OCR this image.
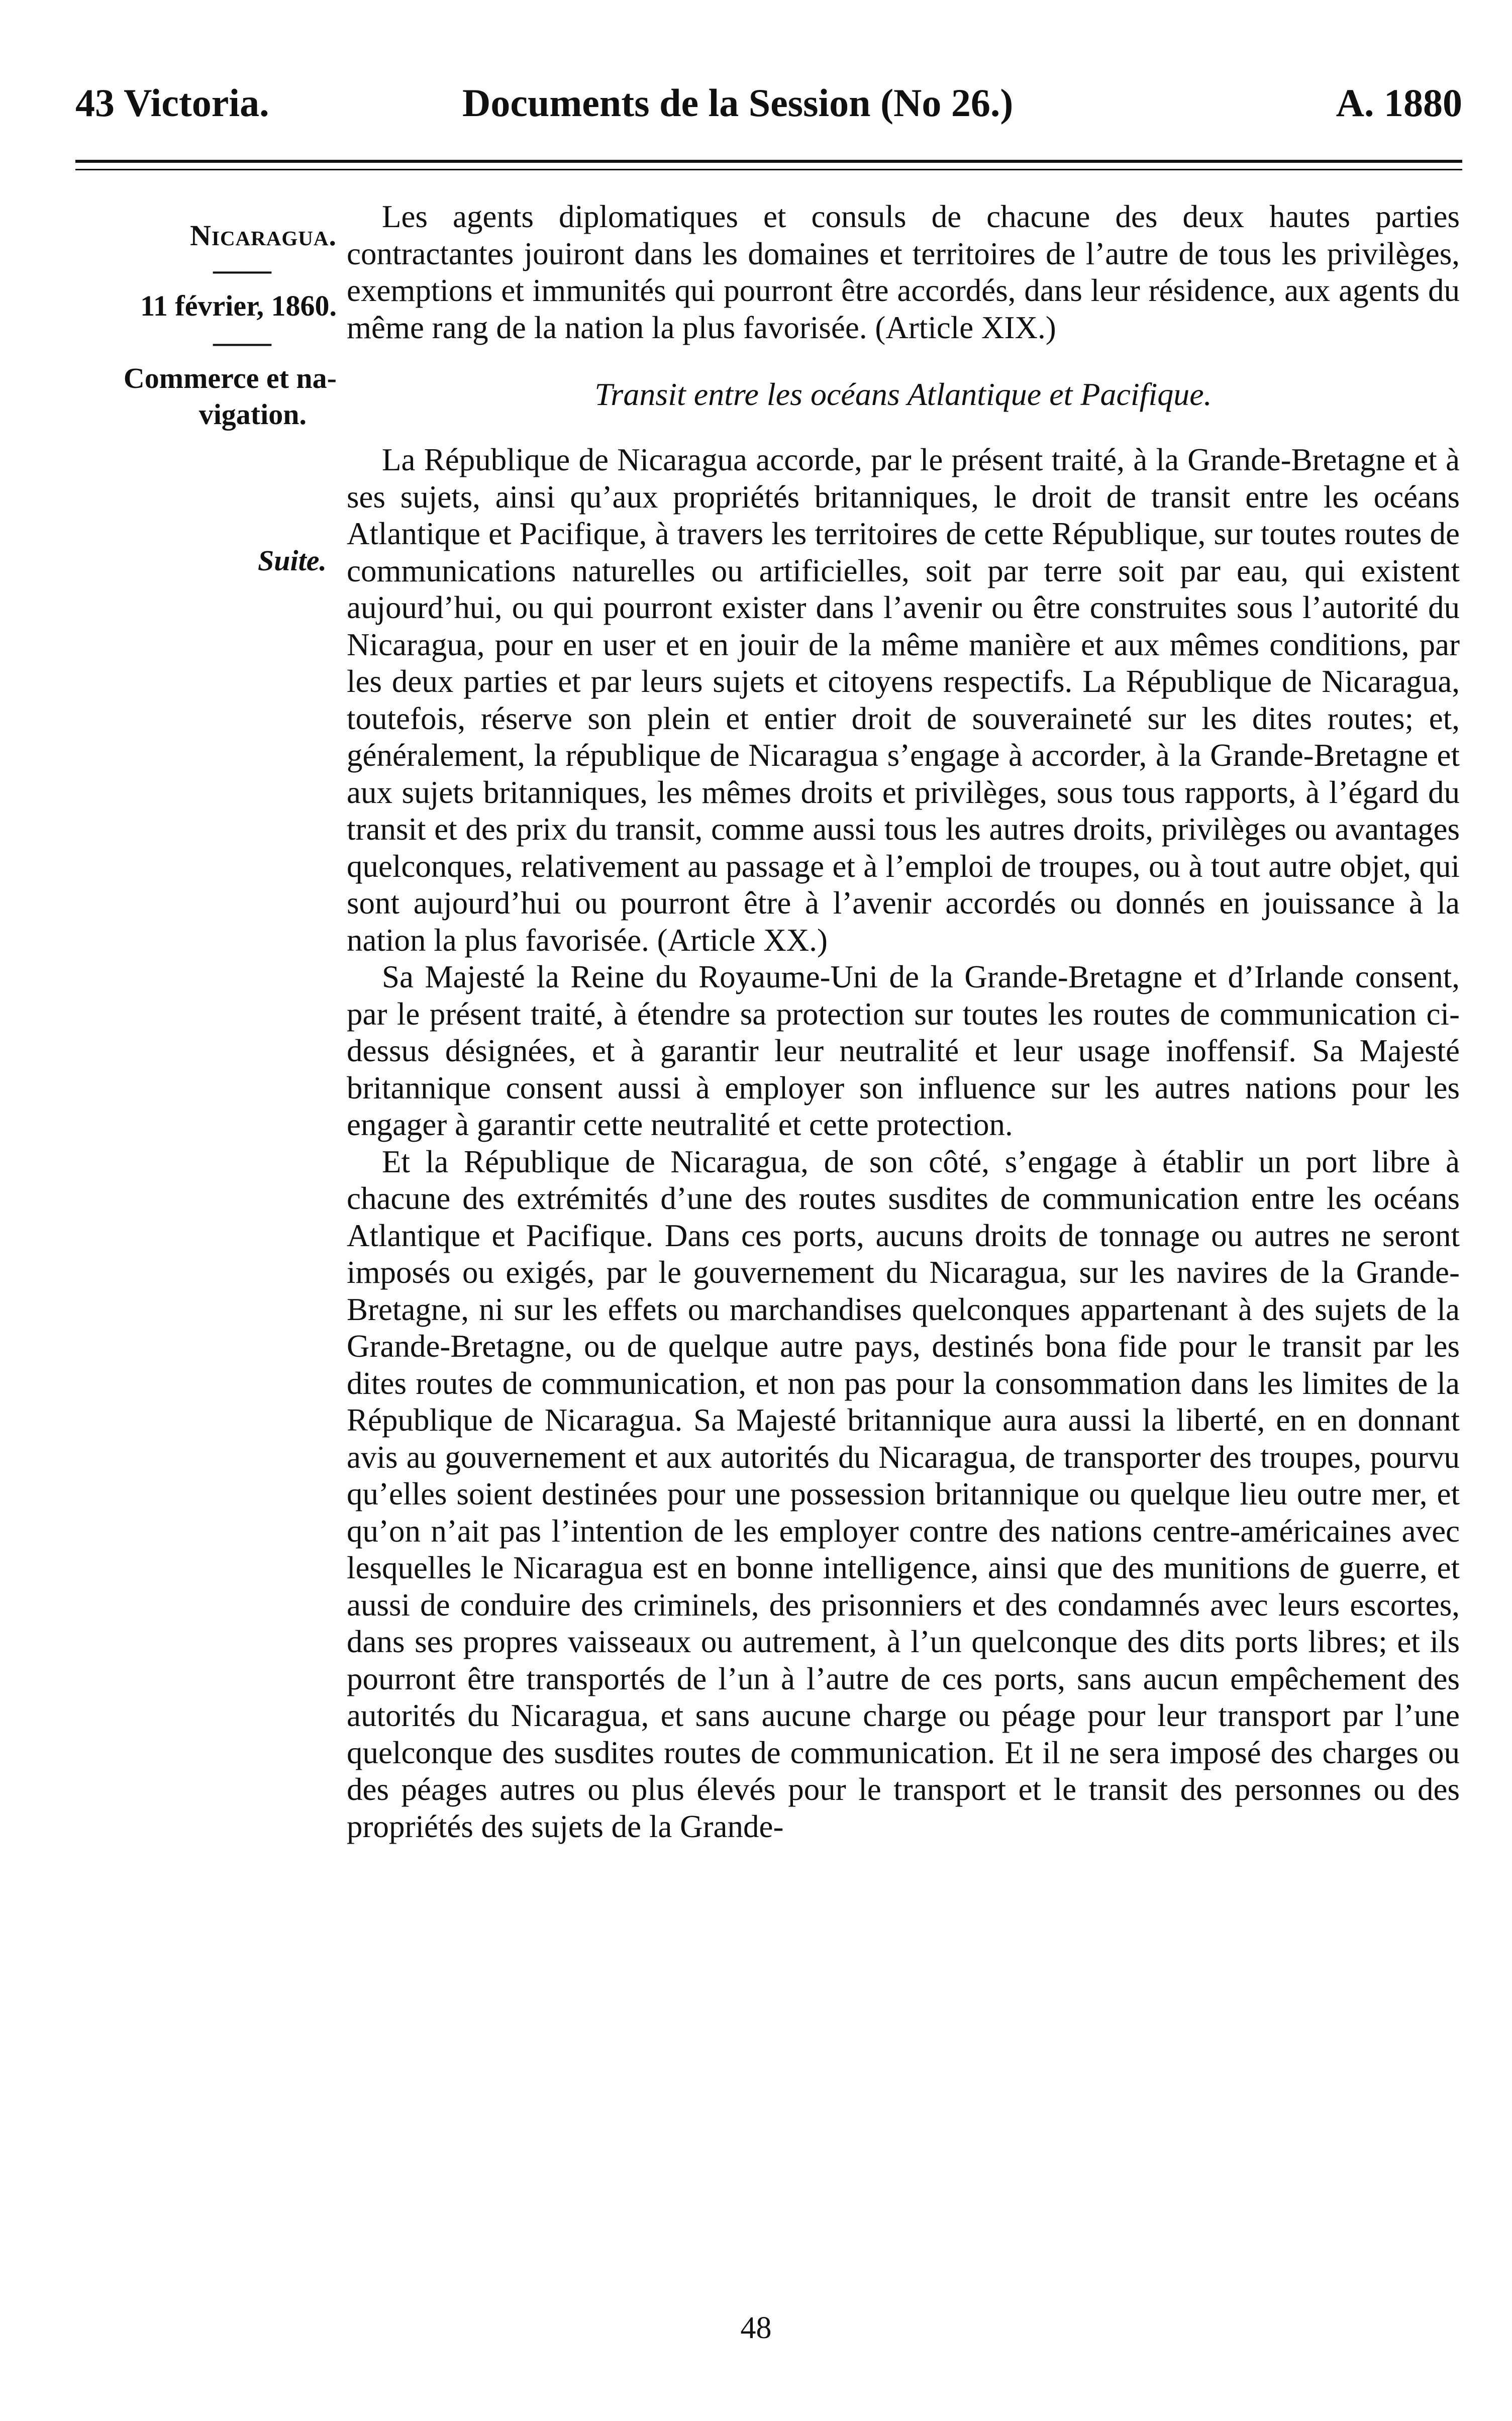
43 Victoria.	Documents de la Session (No 26.)	A. 1880
Nicaragua.
——
11 février, 1860.
——
Commerce et na-
vigation.
Suite.

Les agents diplomatiques et consuls de chacune des deux hautes parties contractantes jouiront dans les domaines et territoires de l’autre de tous les privilèges, exemptions et immunités qui pourront être accordés, dans leur résidence, aux agents du même rang de la nation la plus favorisée. (Article XIX.)

Transit entre les océans Atlantique et Pacifique.

La République de Nicaragua accorde, par le présent traité, à la Grande-Bretagne et à ses sujets, ainsi qu’aux propriétés britanniques, le droit de transit entre les océans Atlantique et Pacifique, à travers les territoires de cette République, sur toutes routes de communications naturelles ou artificielles, soit par terre soit par eau, qui existent aujourd’hui, ou qui pourront exister dans l’avenir ou être construites sous l’autorité du Nicaragua, pour en user et en jouir de la même manière et aux mêmes conditions, par les deux parties et par leurs sujets et citoyens respectifs. La République de Nicaragua, toutefois, réserve son plein et entier droit de souveraineté sur les dites routes; et, généralement, la république de Nicaragua s’engage à accorder, à la Grande-Bretagne et aux sujets britanniques, les mêmes droits et privilèges, sous tous rapports, à l’égard du transit et des prix du transit, comme aussi tous les autres droits, privilèges ou avantages quelconques, relativement au passage et à l’emploi de troupes, ou à tout autre objet, qui sont aujourd’hui ou pourront être à l’avenir accordés ou donnés en jouissance à la nation la plus favorisée. (Article XX.)

Sa Majesté la Reine du Royaume-Uni de la Grande-Bretagne et d’Irlande consent, par le présent traité, à étendre sa protection sur toutes les routes de communication ci-dessus désignées, et à garantir leur neutralité et leur usage inoffensif. Sa Majesté britannique consent aussi à employer son influence sur les autres nations pour les engager à garantir cette neutralité et cette protection.

Et la République de Nicaragua, de son côté, s’engage à établir un port libre à chacune des extrémités d’une des routes susdites de communication entre les océans Atlantique et Pacifique. Dans ces ports, aucuns droits de tonnage ou autres ne seront imposés ou exigés, par le gouvernement du Nicaragua, sur les navires de la Grande-Bretagne, ni sur les effets ou marchandises quelconques appartenant à des sujets de la Grande-Bretagne, ou de quelque autre pays, destinés bona fide pour le transit par les dites routes de communication, et non pas pour la consommation dans les limites de la République de Nicaragua. Sa Majesté britannique aura aussi la liberté, en en donnant avis au gouvernement et aux autorités du Nicaragua, de transporter des troupes, pourvu qu’elles soient destinées pour une possession britannique ou quelque lieu outre mer, et qu’on n’ait pas l’intention de les employer contre des nations centre-américaines avec lesquelles le Nicaragua est en bonne intelligence, ainsi que des munitions de guerre, et aussi de conduire des criminels, des prisonniers et des condamnés avec leurs escortes, dans ses propres vaisseaux ou autrement, à l’un quelconque des dits ports libres; et ils pourront être transportés de l’un à l’autre de ces ports, sans aucun empêchement des autorités du Nicaragua, et sans aucune charge ou péage pour leur transport par l’une quelconque des susdites routes de communication. Et il ne sera imposé des charges ou des péages autres ou plus élevés pour le transport et le transit des personnes ou des propriétés des sujets de la Grande-

48
